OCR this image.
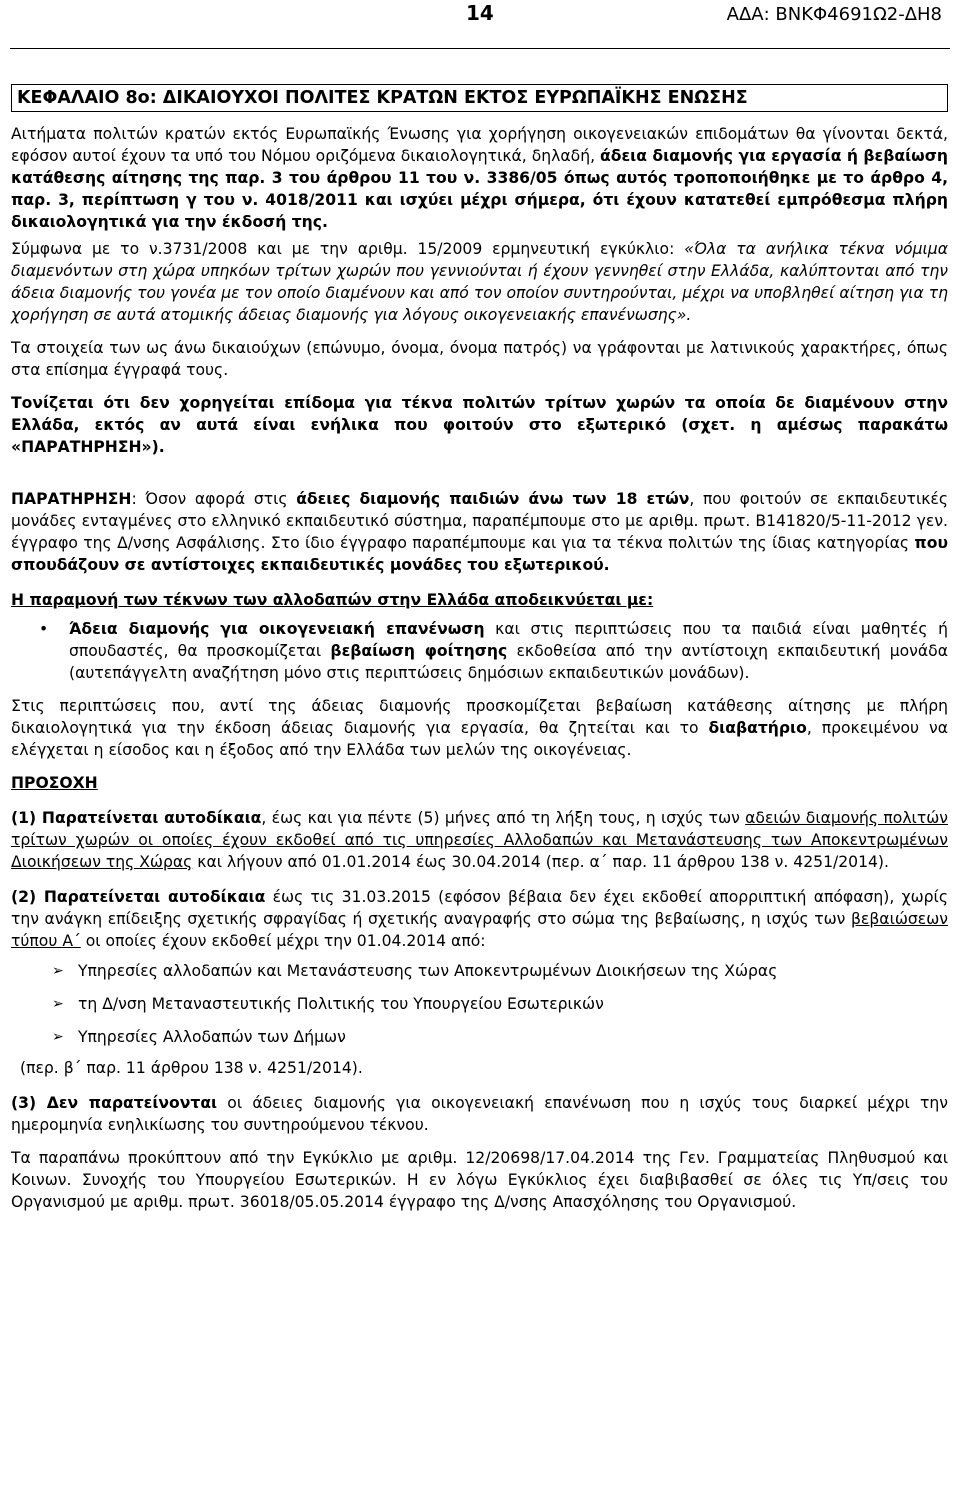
14	ΑΔΑ: ΒΝΚΦ4691Ω2-ΔΗ8
ΚΕΦΑΛΑΙΟ 8ο: ΔΙΚΑΙΟΥΧΟΙ ΠΟΛΙΤΕΣ ΚΡΑΤΩΝ ΕΚΤΟΣ ΕΥΡΩΠΑΪΚΗΣ ΕΝΩΣΗΣ

Αιτήματα πολιτών κρατών εκτός Ευρωπαϊκής Ένωσης για χορήγηση οικογενειακών επιδομάτων θα γίνονται δεκτά, εφόσον αυτοί έχουν τα υπό του Νόμου οριζόμενα δικαιολογητικά, δηλαδή, άδεια διαμονής για εργασία ή βεβαίωση κατάθεσης αίτησης της παρ. 3 του άρθρου 11 του ν. 3386/05 όπως αυτός τροποποιήθηκε με το άρθρο 4, παρ. 3, περίπτωση γ του ν. 4018/2011 και ισχύει μέχρι σήμερα, ότι έχουν κατατεθεί εμπρόθεσμα πλήρη δικαιολογητικά για την έκδοσή της.

Σύμφωνα με το ν.3731/2008 και με την αριθμ. 15/2009 ερμηνευτική εγκύκλιο: «Όλα τα ανήλικα τέκνα νόμιμα διαμενόντων στη χώρα υπηκόων τρίτων χωρών που γεννιούνται ή έχουν γεννηθεί στην Ελλάδα, καλύπτονται από την άδεια διαμονής του γονέα με τον οποίο διαμένουν και από τον οποίον συντηρούνται, μέχρι να υποβληθεί αίτηση για τη χορήγηση σε αυτά ατομικής άδειας διαμονής για λόγους οικογενειακής επανένωσης».

Τα στοιχεία των ως άνω δικαιούχων (επώνυμο, όνομα, όνομα πατρός) να γράφονται με λατινικούς χαρακτήρες, όπως στα επίσημα έγγραφά τους.

Τονίζεται ότι δεν χορηγείται επίδομα για τέκνα πολιτών τρίτων χωρών τα οποία δε διαμένουν στην Ελλάδα, εκτός αν αυτά είναι ενήλικα που φοιτούν στο εξωτερικό (σχετ. η αμέσως παρακάτω «ΠΑΡΑΤΗΡΗΣΗ»).

ΠΑΡΑΤΗΡΗΣΗ: Όσον αφορά στις άδειες διαμονής παιδιών άνω των 18 ετών, που φοιτούν σε εκπαιδευτικές μονάδες ενταγμένες στο ελληνικό εκπαιδευτικό σύστημα, παραπέμπουμε στο με αριθμ. πρωτ. Β141820/5-11-2012 γεν. έγγραφο της Δ/νσης Ασφάλισης. Στο ίδιο έγγραφο παραπέμπουμε και για τα τέκνα πολιτών της ίδιας κατηγορίας που σπουδάζουν σε αντίστοιχες εκπαιδευτικές μονάδες του εξωτερικού.

Η παραμονή των τέκνων των αλλοδαπών στην Ελλάδα αποδεικνύεται με:

• Άδεια διαμονής για οικογενειακή επανένωση και στις περιπτώσεις που τα παιδιά είναι μαθητές ή σπουδαστές, θα προσκομίζεται βεβαίωση φοίτησης εκδοθείσα από την αντίστοιχη εκπαιδευτική μονάδα (αυτεπάγγελτη αναζήτηση μόνο στις περιπτώσεις δημόσιων εκπαιδευτικών μονάδων).

Στις περιπτώσεις που, αντί της άδειας διαμονής προσκομίζεται βεβαίωση κατάθεσης αίτησης με πλήρη δικαιολογητικά για την έκδοση άδειας διαμονής για εργασία, θα ζητείται και το διαβατήριο, προκειμένου να ελέγχεται η είσοδος και η έξοδος από την Ελλάδα των μελών της οικογένειας.

ΠΡΟΣΟΧΗ

(1) Παρατείνεται αυτοδίκαια, έως και για πέντε (5) μήνες από τη λήξη τους, η ισχύς των αδειών διαμονής πολιτών τρίτων χωρών οι οποίες έχουν εκδοθεί από τις υπηρεσίες Αλλοδαπών και Μετανάστευσης των Αποκεντρωμένων Διοικήσεων της Χώρας και λήγουν από 01.01.2014 έως 30.04.2014 (περ. α΄ παρ. 11 άρθρου 138 ν. 4251/2014).

(2) Παρατείνεται αυτοδίκαια έως τις 31.03.2015 (εφόσον βέβαια δεν έχει εκδοθεί απορριπτική απόφαση), χωρίς την ανάγκη επίδειξης σχετικής σφραγίδας ή σχετικής αναγραφής στο σώμα της βεβαίωσης, η ισχύς των βεβαιώσεων τύπου Α΄ οι οποίες έχουν εκδοθεί μέχρι την 01.04.2014 από:

➢ Υπηρεσίες αλλοδαπών και Μετανάστευσης των Αποκεντρωμένων Διοικήσεων της Χώρας
➢ τη Δ/νση Μεταναστευτικής Πολιτικής του Υπουργείου Εσωτερικών
➢ Υπηρεσίες Αλλοδαπών των Δήμων

(περ. β΄ παρ. 11 άρθρου 138 ν. 4251/2014).

(3) Δεν παρατείνονται οι άδειες διαμονής για οικογενειακή επανένωση που η ισχύς τους διαρκεί μέχρι την ημερομηνία ενηλικίωσης του συντηρούμενου τέκνου.

Τα παραπάνω προκύπτουν από την Εγκύκλιο με αριθμ. 12/20698/17.04.2014 της Γεν. Γραμματείας Πληθυσμού και Κοινων. Συνοχής του Υπουργείου Εσωτερικών. Η εν λόγω Εγκύκλιος έχει διαβιβασθεί σε όλες τις Υπ/σεις του Οργανισμού με αριθμ. πρωτ. 36018/05.05.2014 έγγραφο της Δ/νσης Απασχόλησης του Οργανισμού.
